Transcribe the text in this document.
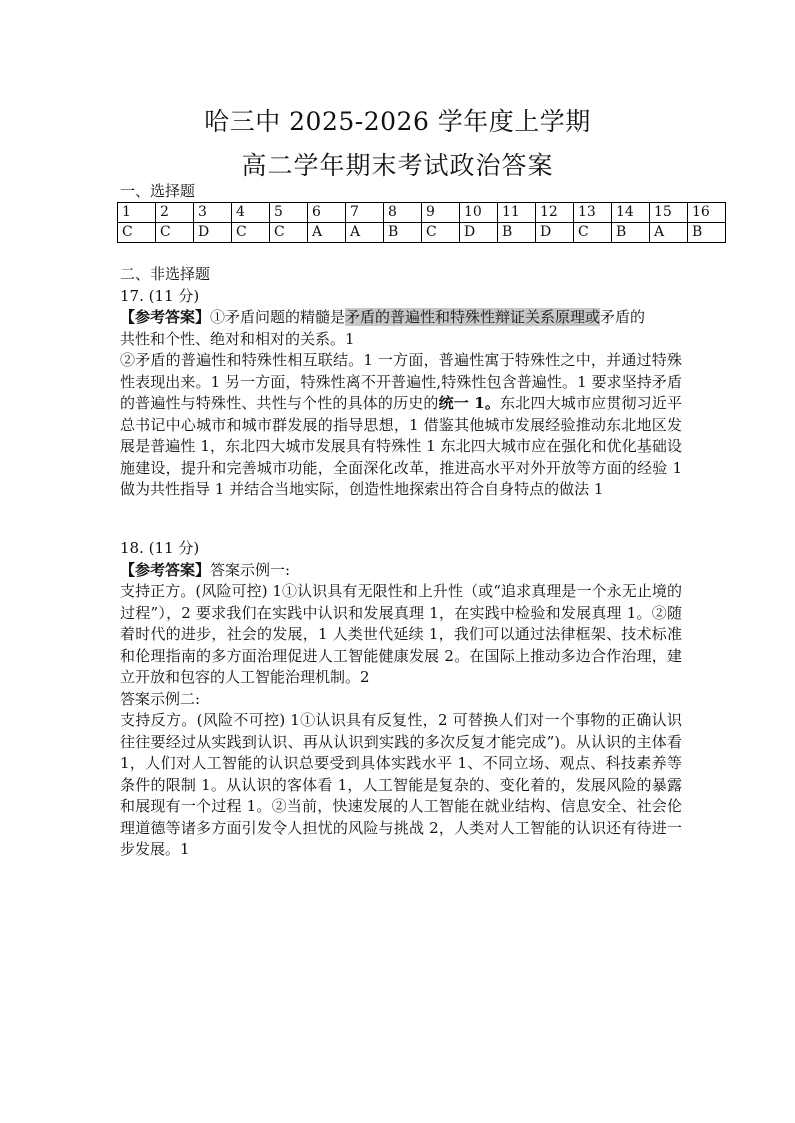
哈三中 2025-2026 学年度上学期
高二学年期末考试政治答案
一、选择题
1	2	3	4	5	6	7	8	9	10	11	12	13	14	15	16
C	C	D	C	C	A	A	B	C	D	B	D	C	B	A	B

二、非选择题

17. (11 分)

【参考答案】①矛盾问题的精髓是矛盾的普遍性和特殊性辩证关系原理或矛盾的

共性和个性、绝对和相对的关系。1

②矛盾的普遍性和特殊性相互联结。1 一方面，普遍性寓于特殊性之中，并通过特殊性表现出来。1 另一方面，特殊性离不开普遍性,特殊性包含普遍性。1 要求坚持矛盾的普遍性与特殊性、共性与个性的具体的历史的统一 1。东北四大城市应贯彻习近平总书记中心城市和城市群发展的指导思想，1 借鉴其他城市发展经验推动东北地区发展是普遍性 1，东北四大城市发展具有特殊性 1 东北四大城市应在强化和优化基础设施建设，提升和完善城市功能，全面深化改革，推进高水平对外开放等方面的经验 1 做为共性指导 1 并结合当地实际，创造性地探索出符合自身特点的做法 1

18. (11 分)

【参考答案】答案示例一:

支持正方。(风险可控) 1①认识具有无限性和上升性（或“追求真理是一个永无止境的过程”），2 要求我们在实践中认识和发展真理 1，在实践中检验和发展真理 1。②随着时代的进步，社会的发展，1 人类世代延续 1，我们可以通过法律框架、技术标准和伦理指南的多方面治理促进人工智能健康发展 2。在国际上推动多边合作治理，建立开放和包容的人工智能治理机制。2

答案示例二:

支持反方。(风险不可控) 1①认识具有反复性，2 可替换人们对一个事物的正确认识往往要经过从实践到认识、再从认识到实践的多次反复才能完成”)。从认识的主体看 1，人们对人工智能的认识总要受到具体实践水平 1、不同立场、观点、科技素养等条件的限制 1。从认识的客体看 1，人工智能是复杂的、变化着的，发展风险的暴露和展现有一个过程 1。②当前，快速发展的人工智能在就业结构、信息安全、社会伦理道德等诸多方面引发令人担忧的风险与挑战 2，人类对人工智能的认识还有待进一步发展。1
